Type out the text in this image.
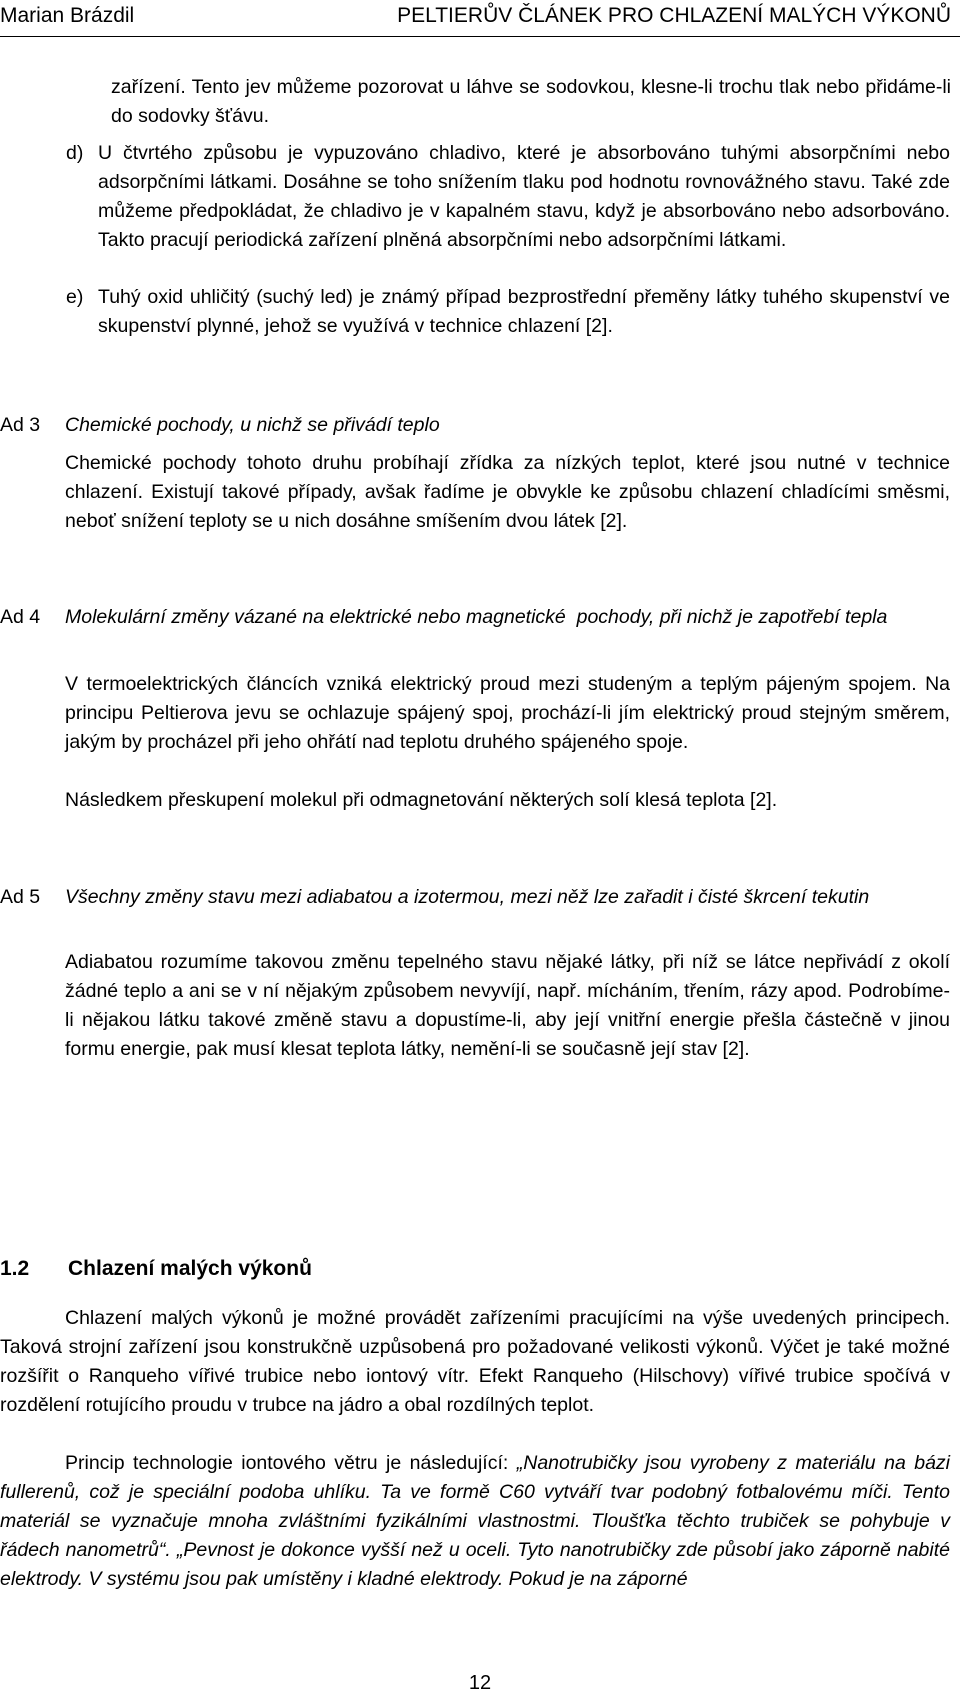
Marian Brázdil	PELTIERŮV ČLÁNEK PRO CHLAZENÍ MALÝCH VÝKONŮ

zařízení. Tento jev můžeme pozorovat u láhve se sodovkou, klesne-li trochu tlak nebo přidáme-li do sodovky šťávu.

d) U čtvrtého způsobu je vypuzováno chladivo, které je absorbováno tuhými absorpčními nebo adsorpčními látkami. Dosáhne se toho snížením tlaku pod hodnotu rovnovážného stavu. Také zde můžeme předpokládat, že chladivo je v kapalném stavu, když je absorbováno nebo adsorbováno. Takto pracují periodická zařízení plněná absorpčními nebo adsorpčními látkami.

e) Tuhý oxid uhličitý (suchý led) je známý případ bezprostřední přeměny látky tuhého skupenství ve skupenství plynné, jehož se využívá v technice chlazení [2].

Ad 3 Chemické pochody, u nichž se přivádí teplo

Chemické pochody tohoto druhu probíhají zřídka za nízkých teplot, které jsou nutné v technice chlazení. Existují takové případy, avšak řadíme je obvykle ke způsobu chlazení chladícími směsmi, neboť snížení teploty se u nich dosáhne smíšením dvou látek [2].

Ad 4 Molekulární změny vázané na elektrické nebo magnetické  pochody, při nichž je zapotřebí tepla

V termoelektrických článcích vzniká elektrický proud mezi studeným a teplým pájeným spojem. Na principu Peltierova jevu se ochlazuje spájený spoj, prochází-li jím elektrický proud stejným směrem, jakým by procházel při jeho ohřátí nad teplotu druhého spájeného spoje.

Následkem přeskupení molekul při odmagnetování některých solí klesá teplota [2].

Ad 5 Všechny změny stavu mezi adiabatou a izotermou, mezi něž lze zařadit i čisté škrcení tekutin

Adiabatou rozumíme takovou změnu tepelného stavu nějaké látky, při níž se látce nepřivádí z okolí žádné teplo a ani se v ní nějakým způsobem nevyvíjí, např. mícháním, třením, rázy apod. Podrobíme-li nějakou látku takové změně stavu a dopustíme-li, aby její vnitřní energie přešla částečně v jinou formu energie, pak musí klesat teplota látky, nemění-li se současně její stav [2].

1.2 Chlazení malých výkonů

Chlazení malých výkonů je možné provádět zařízeními pracujícími na výše uvedených principech. Taková strojní zařízení jsou konstrukčně uzpůsobená pro požadované velikosti výkonů. Výčet je také možné rozšířit o Ranqueho vířivé trubice nebo iontový vítr. Efekt Ranqueho (Hilschovy) vířivé trubice spočívá v rozdělení rotujícího proudu v trubce na jádro a obal rozdílných teplot.

Princip technologie iontového větru je následující: „Nanotrubičky jsou vyrobeny z materiálu na bázi fullerenů, což je speciální podoba uhlíku. Ta ve formě C60 vytváří tvar podobný fotbalovému míči. Tento materiál se vyznačuje mnoha zvláštními fyzikálními vlastnostmi. Tloušťka těchto trubiček se pohybuje v řádech nanometrů“. „Pevnost je dokonce vyšší než u oceli. Tyto nanotrubičky zde působí jako záporně nabité elektrody. V systému jsou pak umístěny i kladné elektrody. Pokud je na záporné

12
